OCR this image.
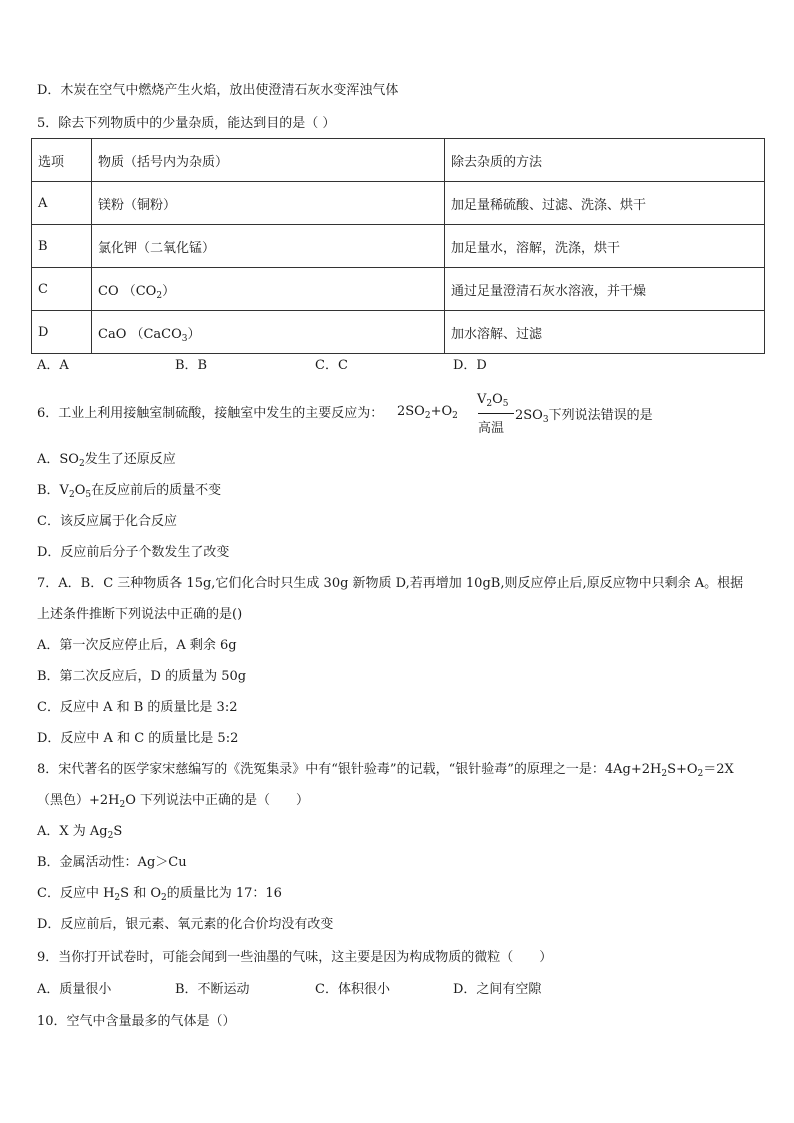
D．木炭在空气中燃烧产生火焰，放出使澄清石灰水变浑浊气体
5．除去下列物质中的少量杂质，能达到目的是（ ）
选项	物质（括号内为杂质）	除去杂质的方法
A	镁粉（铜粉）	加足量稀硫酸、过滤、洗涤、烘干
B	氯化钾（二氧化锰）	加足量水，溶解，洗涤，烘干
C	CO $(CO_2)$	通过足量澄清石灰水溶液，并干燥
D	CaO （CaCO$_3$）	加水溶解、过滤
A．A	B．B	C．C	D．D
6．工业上利用接触室制硫酸，接触室中发生的主要反应为： $2SO_2+O_2$
$V_2O_5$
高温
$2SO_3$下列说法错误的是
A．$SO_2$发生了还原反应
B．$V_2O_5$在反应前后的质量不变
C．该反应属于化合反应
D．反应前后分子个数发生了改变
7．A．B．C 三种物质各 15g,它们化合时只生成 30g 新物质 D,若再增加 10gB,则反应停止后,原反应物中只剩余 A。根据
上述条件推断下列说法中正确的是()
A．第一次反应停止后，A 剩余 6g
B．第二次反应后，D 的质量为 50g
C．反应中 A 和 B 的质量比是 3:2
D．反应中 A 和 C 的质量比是 5:2
8．宋代著名的医学家宋慈编写的《洗冤集录》中有“银针验毒”的记载，“银针验毒”的原理之一是：$4Ag+2H_2S+O_2=2X$
（黑色）$+2H_2O$ 下列说法中正确的是（　　）
A．X 为 $Ag_2S$
B．金属活动性：Ag＞Cu
C．反应中 $H_2S$ 和 $O_2$的质量比为 17：16
D．反应前后，银元素、氧元素的化合价均没有改变
9．当你打开试卷时，可能会闻到一些油墨的气味，这主要是因为构成物质的微粒（　　）
A．质量很小	B．不断运动	C．体积很小	D．之间有空隙
10．空气中含量最多的气体是（）
